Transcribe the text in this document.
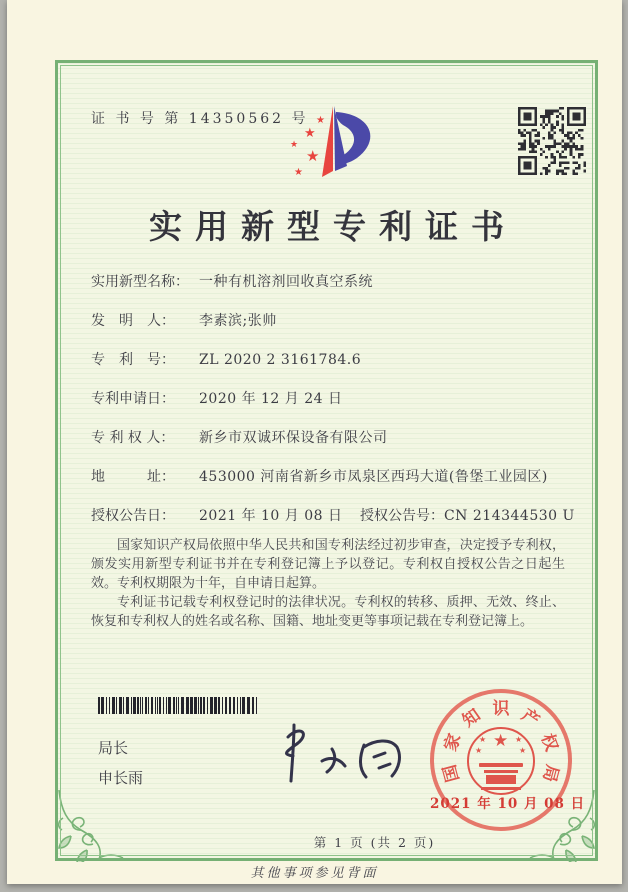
证 书 号 第 14350562 号 ★
★
★
★
★
实用新型专利证书
实用新型名称： 一种有机溶剂回收真空系统
发　明　人： 李素滨;张帅
专　利　号： ZL 2020 2 3161784.6
专利申请日： 2020 年 12 月 24 日
专 利 权 人： 新乡市双诚环保设备有限公司
地　　　址： 453000 河南省新乡市凤泉区西玛大道(鲁堡工业园区)
授权公告日： 2021 年 10 月 08 日 授权公告号：CN 214344530 U

国家知识产权局依照中华人民共和国专利法经过初步审查，决定授予专利权，颁发实用新型专利证书并在专利登记簿上予以登记。专利权自授权公告之日起生效。专利权期限为十年，自申请日起算。

专利证书记载专利权登记时的法律状况。专利权的转移、质押、无效、终止、恢复和专利权人的姓名或名称、国籍、地址变更等事项记载在专利登记簿上。

局长
申长雨
★
★	★
★	★
国
家
知 识 产
权
局
2021 年 10 月 08 日
第 1 页 (共 2 页)
其他事项参见背面
